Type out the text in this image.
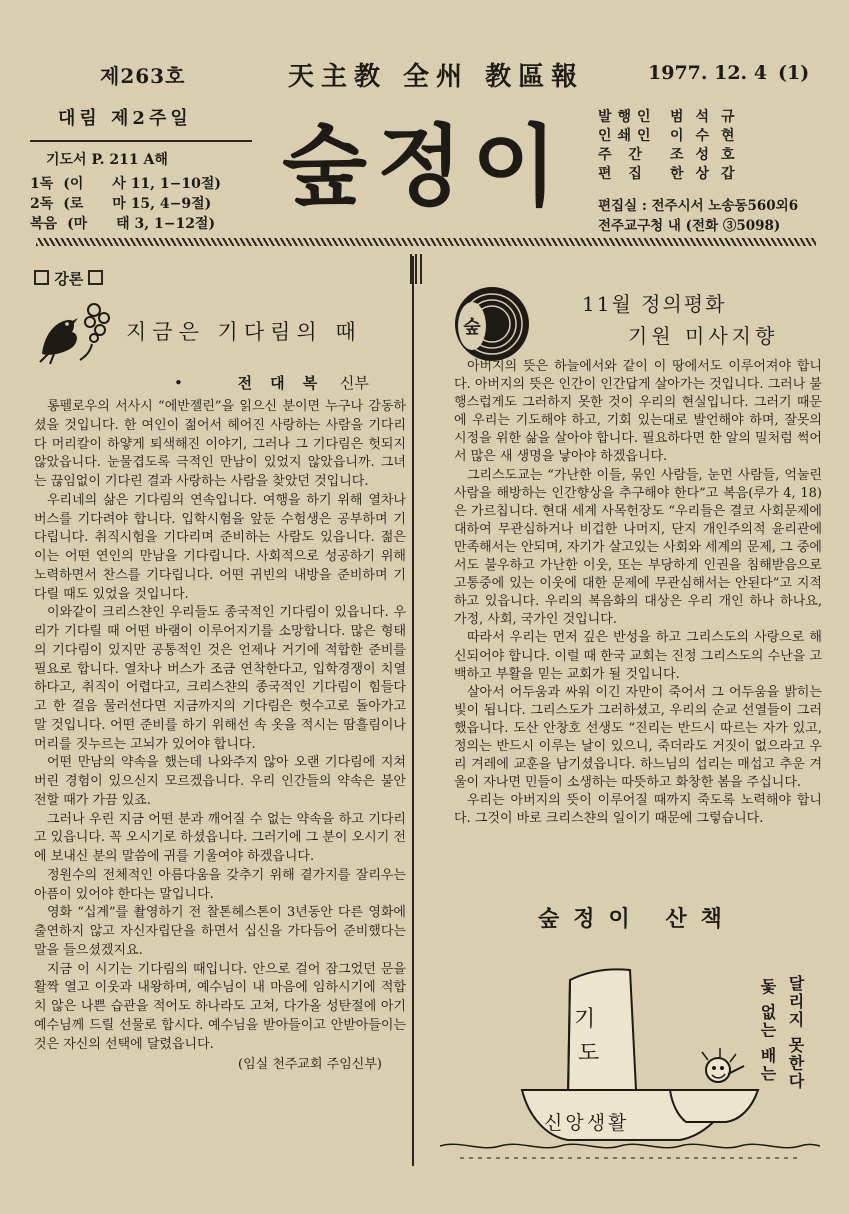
제263호	天主教 全州 教區報	1977. 12. 4 (1)
대림 제2주일
기도서 P. 211 A해
1독 (이 사 11, 1−10절)
2독 (로 마 15, 4−9절)
복음 (마 태 3, 1−12절)
숲정이 발행인 범석규
인쇄인 이수현
주 간	조성호
편 집	한상갑
편집실 : 전주시서 노송동560외6
전주교구청 내 (전화 ③5098)
강론
지금은 기다림의 때
•	전대복 신부

롱펠로우의 서사시 “에반젤린”을 읽으신 분이면 누구나 감동하셨을 것입니다. 한 여인이 젊어서 헤어진 사랑하는 사람을 기다리다 머리칼이 하얗게 퇴색해진 이야기, 그러나 그 기다림은 헛되지 않았읍니다. 눈물겹도록 극적인 만남이 있었지 않았읍니까. 그녀는 끊임없이 기다린 결과 사랑하는 사람을 찾았던 것입니다.

우리네의 삶은 기다림의 연속입니다. 여행을 하기 위해 열차나 버스를 기다려야 합니다. 입학시험을 앞둔 수험생은 공부하며 기다립니다. 취직시험을 기다리며 준비하는 사람도 있읍니다. 젊은이는 어떤 연인의 만남을 기다립니다. 사회적으로 성공하기 위해 노력하면서 찬스를 기다립니다. 어떤 귀빈의 내방을 준비하며 기다릴 때도 있었을 것입니다.

이와같이 크리스챤인 우리들도 종국적인 기다림이 있읍니다. 우리가 기다릴 때 어떤 바램이 이루어지기를 소망합니다. 많은 형태의 기다림이 있지만 공통적인 것은 언제나 거기에 적합한 준비를 필요로 합니다. 열차나 버스가 조금 연착한다고, 입학경쟁이 치열하다고, 취직이 어렵다고, 크리스챤의 종국적인 기다림이 힘들다고 한 걸음 물러선다면 지금까지의 기다림은 헛수고로 돌아가고 말 것입니다. 어떤 준비를 하기 위해선 속 옷을 적시는 땀흘림이나 머리를 짓누르는 고뇌가 있어야 합니다.

어떤 만남의 약속을 했는데 나와주지 않아 오랜 기다림에 지쳐버린 경험이 있으신지 모르겠읍니다. 우리 인간들의 약속은 불안전할 때가 가끔 있죠.

그러나 우린 지금 어떤 분과 깨어질 수 없는 약속을 하고 기다리고 있읍니다. 꼭 오시기로 하셨읍니다. 그러기에 그 분이 오시기 전에 보내신 분의 말씀에 귀를 기울여야 하겠읍니다.

정원수의 전체적인 아름다움을 갖추기 위해 곁가지를 잘리우는 아픔이 있어야 한다는 말입니다.

영화 “십계”를 촬영하기 전 찰톤헤스톤이 3년동안 다른 영화에 출연하지 않고 자신자립단을 하면서 십신을 가다듬어 준비했다는 말을 들으셨겠지요.

지금 이 시기는 기다림의 때입니다. 안으로 걸어 잠그었던 문을 활짝 열고 이웃과 내왕하며, 예수님이 내 마음에 임하시기에 적합치 않은 나쁜 습관을 적어도 하나라도 고쳐, 다가올 성탄절에 아기 예수님께 드릴 선물로 합시다. 예수님을 받아들이고 안받아들이는 것은 자신의 선택에 달렸읍니다.

(임실 천주교회 주임신부)

숲
11월 정의평화
기원 미사지향

아버지의 뜻은 하늘에서와 같이 이 땅에서도 이루어져야 합니다. 아버지의 뜻은 인간이 인간답게 살아가는 것입니다. 그러나 불행스럽게도 그러하지 못한 것이 우리의 현실입니다. 그러기 때문에 우리는 기도해야 하고, 기회 있는대로 발언해야 하며, 잘못의 시정을 위한 삶을 살아야 합니다. 필요하다면 한 알의 밀처럼 썩어서 많은 새 생명을 낳아야 하겠읍니다.

그리스도교는 “가난한 이들, 묶인 사람들, 눈먼 사람들, 억눌린 사람을 해방하는 인간향상을 추구해야 한다”고 복음(루가 4, 18)은 가르칩니다. 현대 세계 사목헌장도 “우리들은 결코 사회문제에 대하여 무관심하거나 비겁한 나머지, 단지 개인주의적 윤리관에 만족해서는 안되며, 자기가 살고있는 사회와 세계의 문제, 그 중에서도 불우하고 가난한 이웃, 또는 부당하게 인권을 침해받음으로 고통중에 있는 이웃에 대한 문제에 무관심해서는 안된다”고 지적하고 있읍니다. 우리의 복음화의 대상은 우리 개인 하나 하나요, 가정, 사회, 국가인 것입니다.

따라서 우리는 먼저 깊은 반성을 하고 그리스도의 사랑으로 해신되어야 합니다. 이럴 때 한국 교회는 진정 그리스도의 수난을 고백하고 부활을 믿는 교회가 될 것입니다.

살아서 어두움과 싸워 이긴 자만이 죽어서 그 어두움을 밝히는 빛이 됩니다. 그리스도가 그러하셨고, 우리의 순교 선열들이 그러했읍니다. 도산 안창호 선생도 “진리는 반드시 따르는 자가 있고, 정의는 반드시 이루는 날이 있으니, 죽더라도 거짓이 없으라고 우리 겨레에 교훈을 남기셨읍니다. 하느님의 섭리는 매섭고 추운 겨울이 자나면 민들이 소생하는 따뜻하고 화창한 봄을 주십니다.

우리는 아버지의 뜻이 이루어질 때까지 죽도록 노력해야 합니다. 그것이 바로 크리스챤의 일이기 때문에 그렇습니다.

숲정이 산책
기
도
신앙생활
달리지 못한다
돛 없는 배는
